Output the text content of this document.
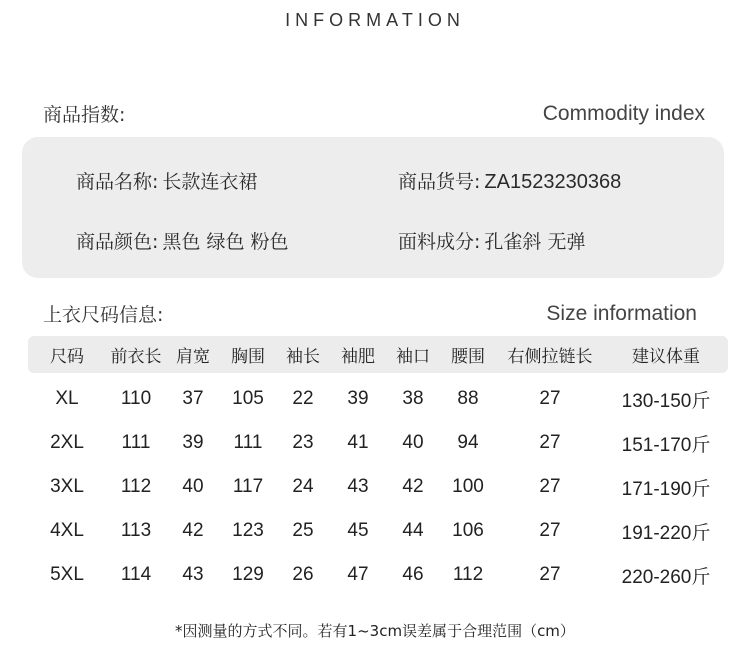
INFORMATION
商品指数:	Commodity index
商品名称: 长款连衣裙	商品货号: ZA1523230368
商品颜色: 黑色 绿色 粉色	面料成分: 孔雀斜 无弹
上衣尺码信息:	Size information
尺码	前衣长	肩宽	胸围	袖长	袖肥	袖口	腰围	右侧拉链长	建议体重
XL	110	37	105	22	39	38	88	27	130-150斤
2XL	111	39	111	23	41	40	94	27	151-170斤
3XL	112	40	117	24	43	42	100	27	171-190斤
4XL	113	42	123	25	45	44	106	27	191-220斤
5XL	114	43	129	26	47	46	112	27	220-260斤
*因测量的方式不同。若有1~3cm误差属于合理范围（cm）
